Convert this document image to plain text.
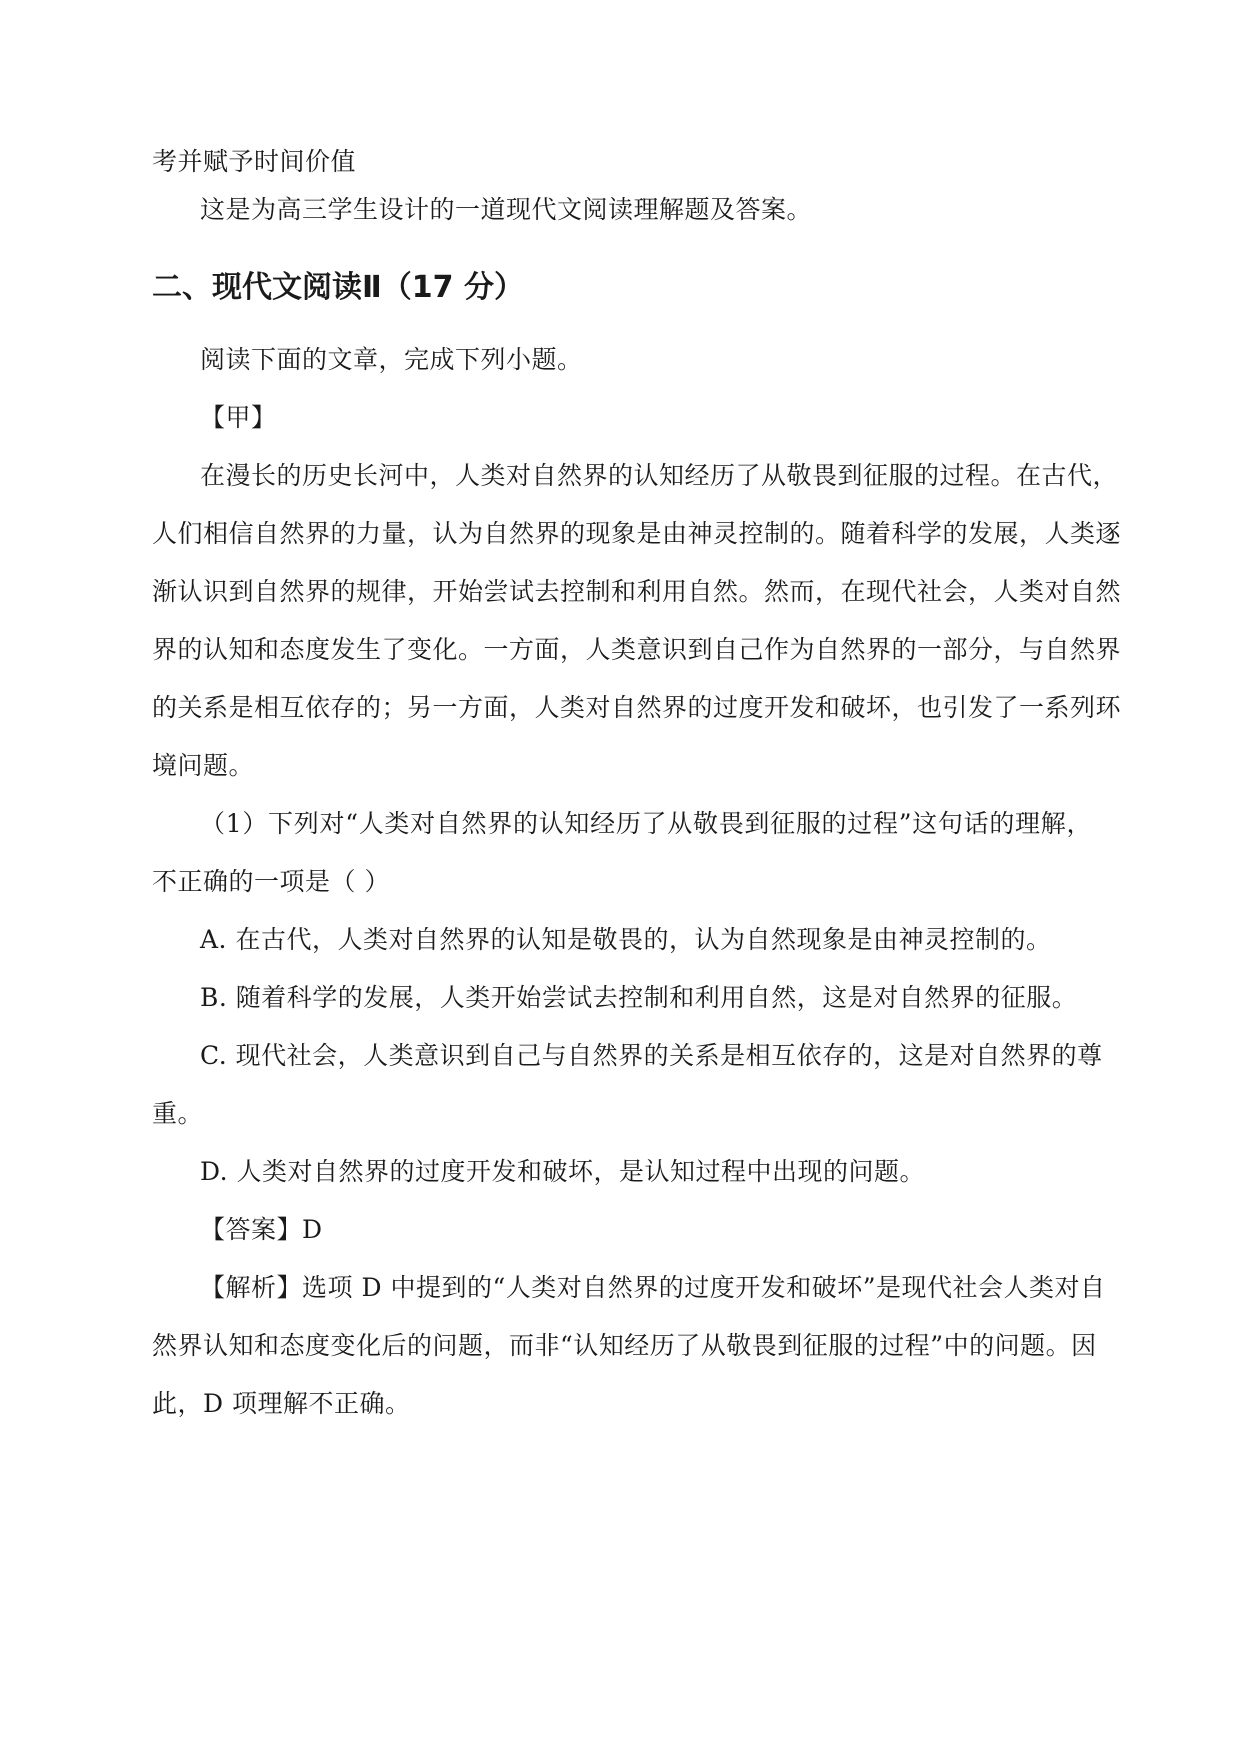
考并赋予时间价值
这是为高三学生设计的一道现代文阅读理解题及答案。
二、现代文阅读Ⅱ（17 分）
阅读下面的文章，完成下列小题。
【甲】
在漫长的历史长河中，人类对自然界的认知经历了从敬畏到征服的过程。在古代，
人们相信自然界的力量，认为自然界的现象是由神灵控制的。随着科学的发展，人类逐
渐认识到自然界的规律，开始尝试去控制和利用自然。然而，在现代社会，人类对自然
界的认知和态度发生了变化。一方面，人类意识到自己作为自然界的一部分，与自然界
的关系是相互依存的；另一方面，人类对自然界的过度开发和破坏，也引发了一系列环
境问题。
（1）下列对“人类对自然界的认知经历了从敬畏到征服的过程”这句话的理解，
不正确的一项是（ ）
A. 在古代，人类对自然界的认知是敬畏的，认为自然现象是由神灵控制的。
B. 随着科学的发展，人类开始尝试去控制和利用自然，这是对自然界的征服。
C. 现代社会，人类意识到自己与自然界的关系是相互依存的，这是对自然界的尊
重。
D. 人类对自然界的过度开发和破坏，是认知过程中出现的问题。
【答案】D
【解析】选项 D 中提到的“人类对自然界的过度开发和破坏”是现代社会人类对自
然界认知和态度变化后的问题，而非“认知经历了从敬畏到征服的过程”中的问题。因
此，D 项理解不正确。
